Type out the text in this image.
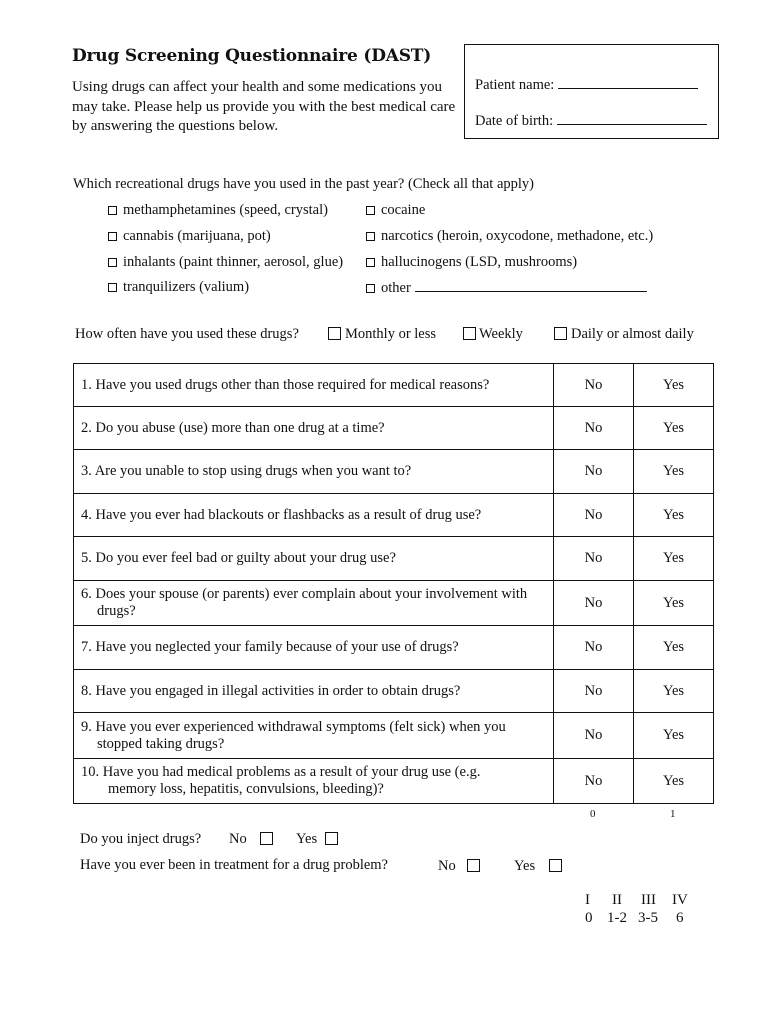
Drug Screening Questionnaire (DAST)
Using drugs can affect your health and some medications you may take. Please help us provide you with the best medical care by answering the questions below.
Patient name:
Date of birth:
Which recreational drugs have you used in the past year? (Check all that apply)
methamphetamines (speed, crystal)
cannabis (marijuana, pot)
inhalants (paint thinner, aerosol, glue)
tranquilizers (valium)
cocaine
narcotics (heroin, oxycodone, methadone, etc.)
hallucinogens (LSD, mushrooms)
other
How often have you used these drugs?	Monthly or less	Weekly	Daily or almost daily
1. Have you used drugs other than those required for medical reasons?	No	Yes

2. Do you abuse (use) more than one drug at a time?	No	Yes

3. Are you unable to stop using drugs when you want to?	No	Yes

4. Have you ever had blackouts or flashbacks as a result of drug use?	No	Yes

5. Do you ever feel bad or guilty about your drug use?	No	Yes

6. Does your spouse (or parents) ever complain about your involvement with
drugs?	No	Yes

7. Have you neglected your family because of your use of drugs?	No	Yes

8. Have you engaged in illegal activities in order to obtain drugs?	No	Yes

9. Have you ever experienced withdrawal symptoms (felt sick) when you
stopped taking drugs?	No	Yes

10. Have you had medical problems as a result of your drug use (e.g.
memory loss, hepatitis, convulsions, bleeding)?	No	Yes
0	1
Do you inject drugs? No	Yes
Have you ever been in treatment for a drug problem?	No	Yes
I II III IV
0 1-2 3-5 6
